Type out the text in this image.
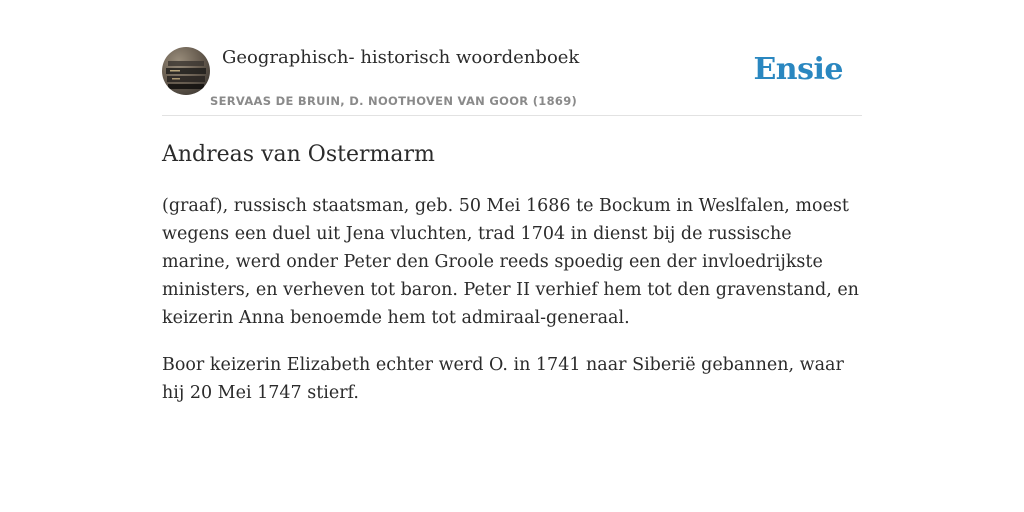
Geographisch- historisch woordenboek
SERVAAS DE BRUIN, D. NOOTHOVEN VAN GOOR (1869)
Ensie
Andreas van Ostermarm

(graaf), russisch staatsman, geb. 50 Mei 1686 te Bockum in Weslfalen, moest wegens een duel uit Jena vluchten, trad 1704 in dienst bij de russische marine, werd onder Peter den Groole reeds spoedig een der invloedrijkste ministers, en verheven tot baron. Peter II verhief hem tot den gravenstand, en keizerin Anna benoemde hem tot admiraal-generaal.

Boor keizerin Elizabeth echter werd O. in 1741 naar Siberië gebannen, waar hij 20 Mei 1747 stierf.
